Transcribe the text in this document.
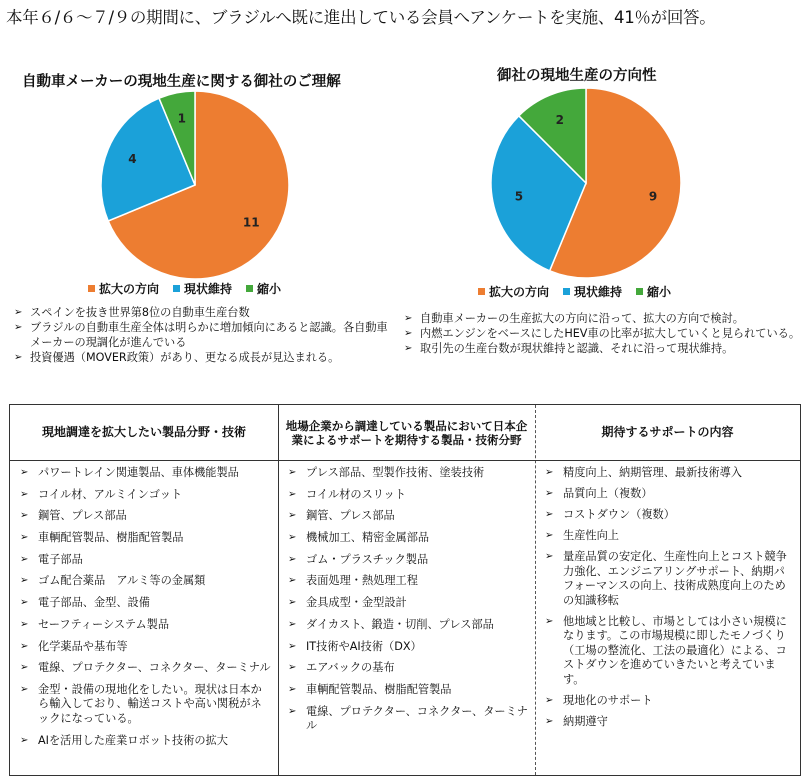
本年６/６～７/９の期間に、ブラジルへ既に進出している会員へアンケートを実施、41％が回答。
自動車メーカーの現地生産に関する御社のご理解
11
4
1
拡大の方向 現状維持 縮小
御社の現地生産の方向性
9
5
2
拡大の方向 現状維持 縮小
➢ スペインを抜き世界第8位の自動車生産台数
➢ ブラジルの自動車生産全体は明らかに増加傾向にあると認識。各自動車メーカーの現調化が進んでいる
➢ 投資優遇（MOVER政策）があり、更なる成長が見込まれる。
➢ 自動車メーカーの生産拡大の方向に沿って、拡大の方向で検討。
➢ 内燃エンジンをベースにしたHEV車の比率が拡大していくと見られている。
➢ 取引先の生産台数が現状維持と認識、それに沿って現状維持。
現地調達を拡大したい製品分野・技術
➢ パワートレイン関連製品、車体機能製品
➢ コイル材、アルミインゴット
➢ 鋼管、プレス部品
➢ 車輌配管製品、樹脂配管製品
➢ 電子部品
➢ ゴム配合薬品　アルミ等の金属類
➢ 電子部品、金型、設備
➢ セーフティーシステム製品
➢ 化学薬品や基布等
➢ 電線、プロテクター、コネクター、ターミナル
➢ 金型・設備の現地化をしたい。現状は日本から輸入しており、輸送コストや高い関税がネックになっている。
➢ AIを活用した産業ロボット技術の拡大
地場企業から調達している製品において日本企業によるサポートを期待する製品・技術分野
➢ プレス部品、型製作技術、塗装技術
➢ コイル材のスリット
➢ 鋼管、プレス部品
➢ 機械加工、精密金属部品
➢ ゴム・プラスチック製品
➢ 表面処理・熱処理工程
➢ 金具成型・金型設計
➢ ダイカスト、鍛造・切削、プレス部品
➢ IT技術やAI技術（DX）
➢ エアバックの基布
➢ 車輌配管製品、樹脂配管製品
➢ 電線、プロテクター、コネクター、ターミナル
期待するサポートの内容
➢ 精度向上、納期管理、最新技術導入
➢ 品質向上（複数）
➢ コストダウン（複数）
➢ 生産性向上
➢ 量産品質の安定化、生産性向上とコスト競争力強化、エンジニアリングサポート、納期パフォーマンスの向上、技術成熟度向上のための知識移転
➢ 他地域と比較し、市場としては小さい規模になります。この市場規模に即したモノづくり（工場の整流化、工法の最適化）による、コストダウンを進めていきたいと考えています。
➢ 現地化のサポート
➢ 納期遵守
